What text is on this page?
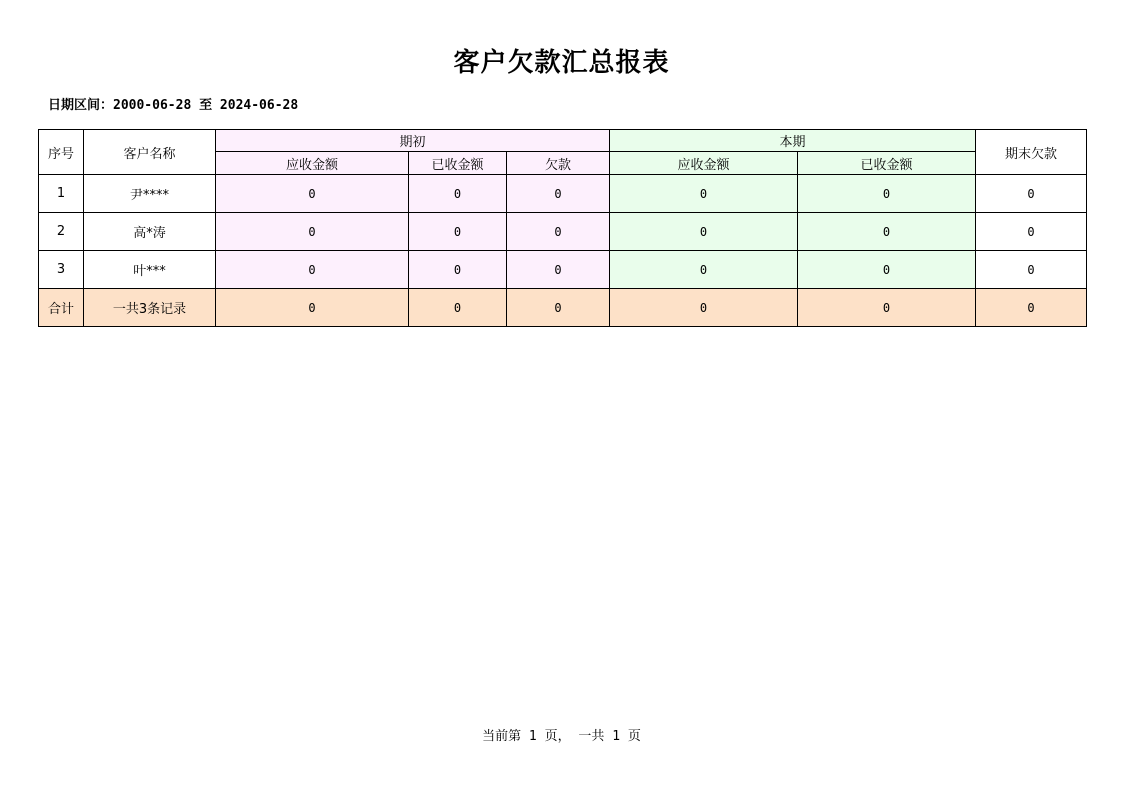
客户欠款汇总报表
日期区间：2000-06-28 至 2024-06-28
序号	客户名称	期初			本期		期末欠款
		应收金额	已收金额	欠款	应收金额	已收金额	
1	尹****	0	0	0	0	0	0
2	高*涛	0	0	0	0	0	0
3	叶***	0	0	0	0	0	0
合计	一共3条记录	0	0	0	0	0	0
当前第 1 页， 一共 1 页
